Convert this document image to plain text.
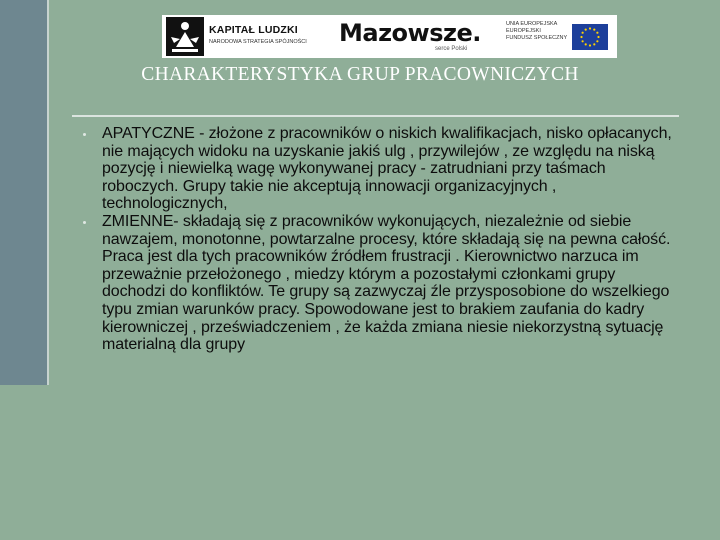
KAPITAŁ LUDZKI
NARODOWA STRATEGIA SPÓJNOŚCI Mazowsze.
serce Polski
UNIA EUROPEJSKA
EUROPEJSKI
FUNDUSZ SPOŁECZNY
CHARAKTERYSTYKA GRUP PRACOWNICZYCH
APATYCZNE - złożone z pracowników o niskich kwalifikacjach, nisko opłacanych, nie mających widoku na uzyskanie jakiś ulg , przywilejów , ze względu na niską pozycję i niewielką wagę wykonywanej pracy - zatrudniani przy taśmach roboczych. Grupy takie nie akceptują innowacji organizacyjnych , technologicznych,
ZMIENNE- składają się z pracowników wykonujących, niezależnie od siebie nawzajem, monotonne, powtarzalne procesy, które składają się na pewna całość. Praca jest dla tych pracowników źródłem frustracji . Kierownictwo narzuca im przeważnie przełożonego , miedzy którym a pozostałymi członkami grupy dochodzi do konfliktów. Te grupy są zazwyczaj źle przysposobione do wszelkiego typu zmian warunków pracy. Spowodowane jest to brakiem zaufania do kadry kierowniczej , przeświadczeniem , że każda zmiana niesie niekorzystną sytuację materialną dla grupy
